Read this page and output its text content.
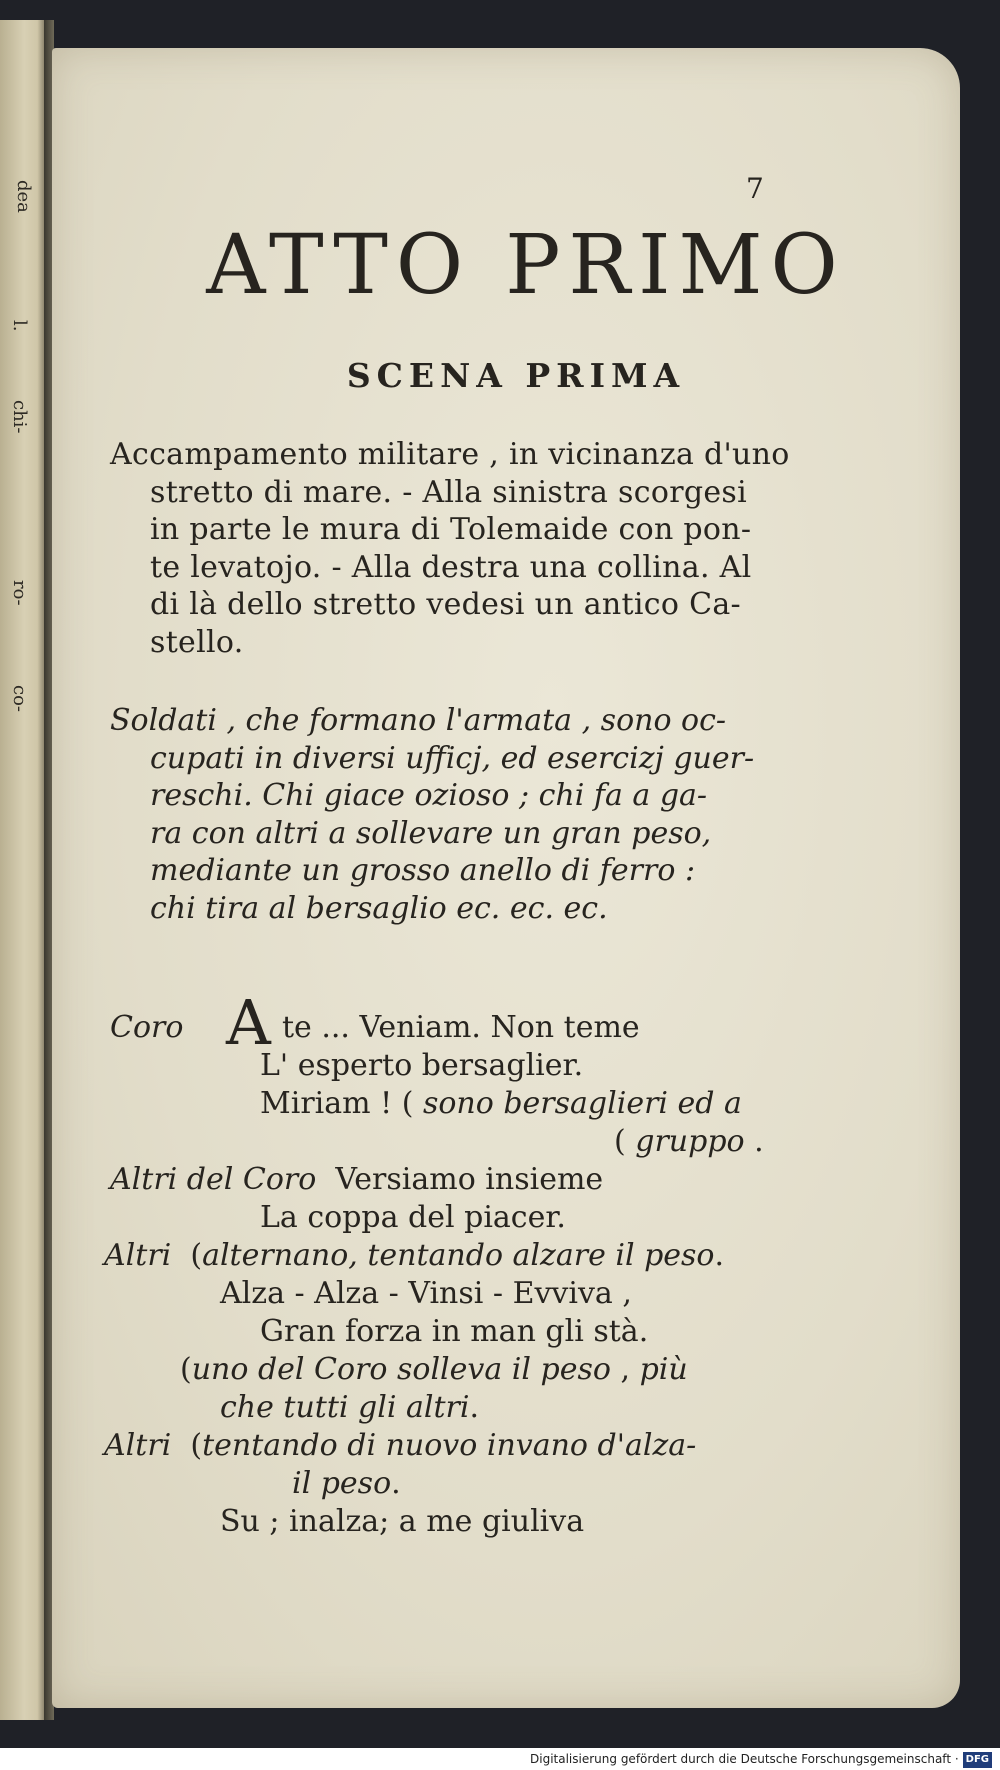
dea
l.
chi-
ro-
co-
7
ATTO PRIMO
SCENA PRIMA
Accampamento militare , in vicinanza d'uno
stretto di mare. - Alla sinistra scorgesi
in parte le mura di Tolemaide con pon-
te levatojo. - Alla destra una collina. Al
di là dello stretto vedesi un antico Ca-
stello.
Soldati , che formano l'armata , sono oc-
cupati in diversi ufficj, ed esercizj guer-
reschi. Chi giace ozioso ; chi fa a ga-
ra con altri a sollevare un gran peso,
mediante un grosso anello di ferro :
chi tira al bersaglio ec. ec. ec.
Coro A te ... Veniam. Non teme
L' esperto bersaglier.
Miriam ! ( sono bersaglieri ed a
( gruppo .
Altri del Coro Versiamo insieme
La coppa del piacer.
Altri (alternano, tentando alzare il peso.
Alza - Alza - Vinsi - Evviva ,
Gran forza in man gli stà.
(uno del Coro solleva il peso , più
che tutti gli altri.
Altri (tentando di nuovo invano d'alza-
il peso.
Su ; inalza; a me giuliva
Digitalisierung gefördert durch die Deutsche Forschungsgemeinschaft · DFG
